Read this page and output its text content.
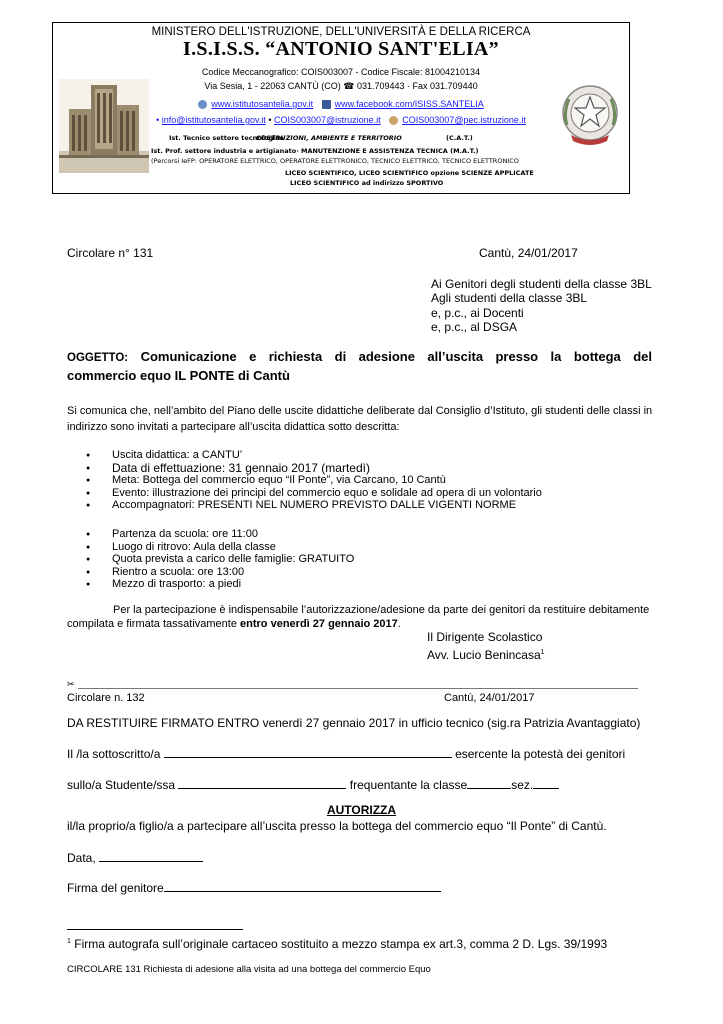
MINISTERO DELL'ISTRUZIONE, DELL'UNIVERSITÀ E DELLA RICERCA
I.S.I.S.S. “ANTONIO SANT'ELIA”
Codice Meccanografico: COIS003007 - Codice Fiscale: 81004210134
Via Sesia, 1 - 22063 CANTÙ (CO) ☎ 031.709443 · Fax 031.709440
www.istitutosantelia.gov.it www.facebook.com/ISISS.SANTELIA
• info@istitutosantelia.gov.it • COIS003007@istruzione.it COIS003007@pec.istruzione.it
Ist. Tecnico settore tecnologico
COSTRUZIONI, AMBIENTE E TERRITORIO	(C.A.T.)
Ist. Prof. settore industria e artigianato· MANUTENZIONE E ASSISTENZA TECNICA (M.A.T.)
(Percorsi IeFP: OPERATORE ELETTRICO, OPERATORE ELETTRONICO, TECNICO ELETTRICO, TECNICO ELETTRONICO
LICEO SCIENTIFICO, LICEO SCIENTIFICO opzione SCIENZE APPLICATE
LICEO SCIENTIFICO ad indirizzo SPORTIVO
Circolare n° 131	Cantù, 24/01/2017
Ai Genitori degli studenti della classe 3BL
Agli studenti della classe 3BL
e, p.c., ai Docenti
e, p.c., al DSGA
OGGETTO: Comunicazione e richiesta di adesione all’uscita presso la bottega del
commercio equo IL PONTE di Cantù
Si comunica che, nell’ambito del Piano delle uscite didattiche deliberate dal Consiglio d’Istituto, gli studenti delle classi in
indirizzo sono invitati a partecipare all’uscita didattica sotto descritta:
● Uscita didattica: a CANTU’
● Data di effettuazione: 31 gennaio 2017 (martedì)
● Meta: Bottega del commercio equo “Il Ponte”, via Carcano, 10 Cantù
● Evento: illustrazione dei principi del commercio equo e solidale ad opera di un volontario
● Accompagnatori: PRESENTI NEL NUMERO PREVISTO DALLE VIGENTI NORME
● Partenza da scuola: ore 11:00
● Luogo di ritrovo: Aula della classe
● Quota prevista a carico delle famiglie: GRATUITO
● Rientro a scuola: ore 13:00
● Mezzo di trasporto: a piedi
Per la partecipazione è indispensabile l’autorizzazione/adesione da parte dei genitori da restituire debitamente
compilata e firmata tassativamente entro venerdì 27 gennaio 2017.
Il Dirigente Scolastico
Avv. Lucio Benincasa$^1$
✂
Circolare n. 132	Cantù, 24/01/2017
DA RESTITUIRE FIRMATO ENTRO venerdì 27 gennaio 2017 in ufficio tecnico (sig.ra Patrizia Avantaggiato)
Il /la sottoscritto/a	esercente la potestà dei genitori
sullo/a Studente/ssa	frequentante la classe	sez.
AUTORIZZA
il/la proprio/a figlio/a a partecipare all’uscita presso la bottega del commercio equo “Il Ponte” di Cantù.
Data,
Firma del genitore
$^1$ Firma autografa sull’originale cartaceo sostituito a mezzo stampa ex art.3, comma 2 D. Lgs. 39/1993
CIRCOLARE 131 Richiesta di adesione alla visita ad una bottega del commercio Equo
